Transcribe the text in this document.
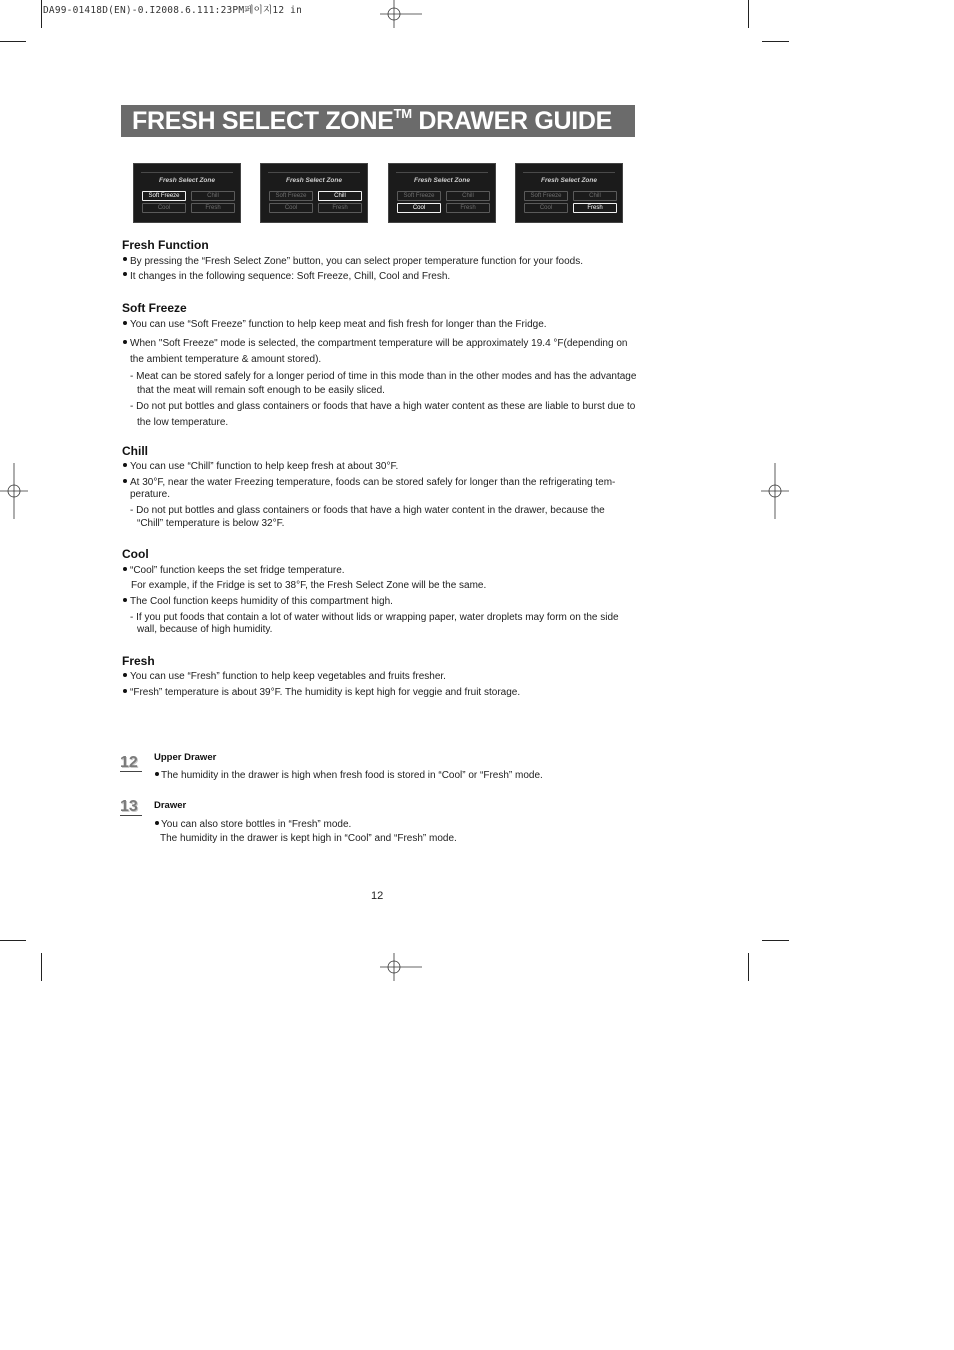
DA99-01418D(EN)-0.I2008.6.111:23PM페이지12 in
FRESH SELECT ZONE™ DRAWER GUIDE
Fresh Select Zone
Soft Freeze	Chill
Cool	Fresh
Fresh Select Zone
Soft Freeze	Chill
Cool	Fresh
Fresh Select Zone
Soft Freeze	Chill
Cool	Fresh
Fresh Select Zone
Soft Freeze	Chill
Cool	Fresh
Fresh Function
By pressing the “Fresh Select Zone” button, you can select proper temperature function for your foods.
It changes in the following sequence: Soft Freeze, Chill, Cool and Fresh.
Soft Freeze
You can use “Soft Freeze” function to help keep meat and fish fresh for longer than the Fridge.
When "Soft Freeze" mode is selected, the compartment temperature will be approximately 19.4 °F(depending on
the ambient temperature & amount stored).
- Meat can be stored safely for a longer period of time in this mode than in the other modes and has the advantage
that the meat will remain soft enough to be easily sliced.
- Do not put bottles and glass containers or foods that have a high water content as these are liable to burst due to
the low temperature.
Chill
You can use “Chill” function to help keep fresh at about 30°F.
At 30°F, near the water Freezing temperature, foods can be stored safely for longer than the refrigerating tem-
perature.
- Do not put bottles and glass containers or foods that have a high water content in the drawer, because the
“Chill” temperature is below 32°F.
Cool
“Cool” function keeps the set fridge temperature.
For example, if the Fridge is set to 38°F, the Fresh Select Zone will be the same.
The Cool function keeps humidity of this compartment high.
- If you put foods that contain a lot of water without lids or wrapping paper, water droplets may form on the side
wall, because of high humidity.
Fresh
You can use “Fresh” function to help keep vegetables and fruits fresher.
“Fresh” temperature is about 39°F. The humidity is kept high for veggie and fruit storage.
12	Upper Drawer
The humidity in the drawer is high when fresh food is stored in “Cool” or “Fresh” mode.
13	Drawer
You can also store bottles in “Fresh” mode.
The humidity in the drawer is kept high in “Cool” and “Fresh” mode.
12
